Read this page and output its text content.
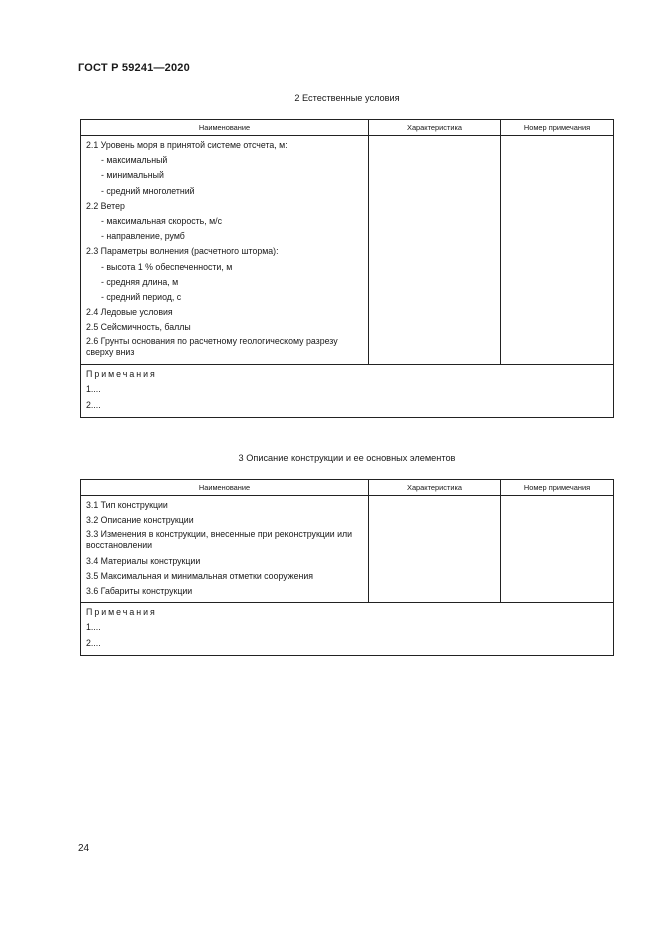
ГОСТ Р 59241—2020
2 Естественные условия
Наименование	Характеристика	Номер примечания
2.1 Уровень моря в принятой системе отсчета, м:
- максимальный
- минимальный
- средний многолетний
2.2 Ветер
- максимальная скорость, м/с
- направление, румб
2.3 Параметры волнения (расчетного шторма):
- высота 1 % обеспеченности, м
- средняя длина, м
- средний период, с
2.4 Ледовые условия
2.5 Сейсмичность, баллы
2.6 Грунты основания по расчетному геологическому разрезу сверху вниз
Примечания
1....
2....
3 Описание конструкции и ее основных элементов
Наименование	Характеристика	Номер примечания
3.1 Тип конструкции
3.2 Описание конструкции
3.3 Изменения в конструкции, внесенные при реконструкции или восстановлении
3.4 Материалы конструкции
3.5 Максимальная и минимальная отметки сооружения
3.6 Габариты конструкции
Примечания
1....
2....
24
